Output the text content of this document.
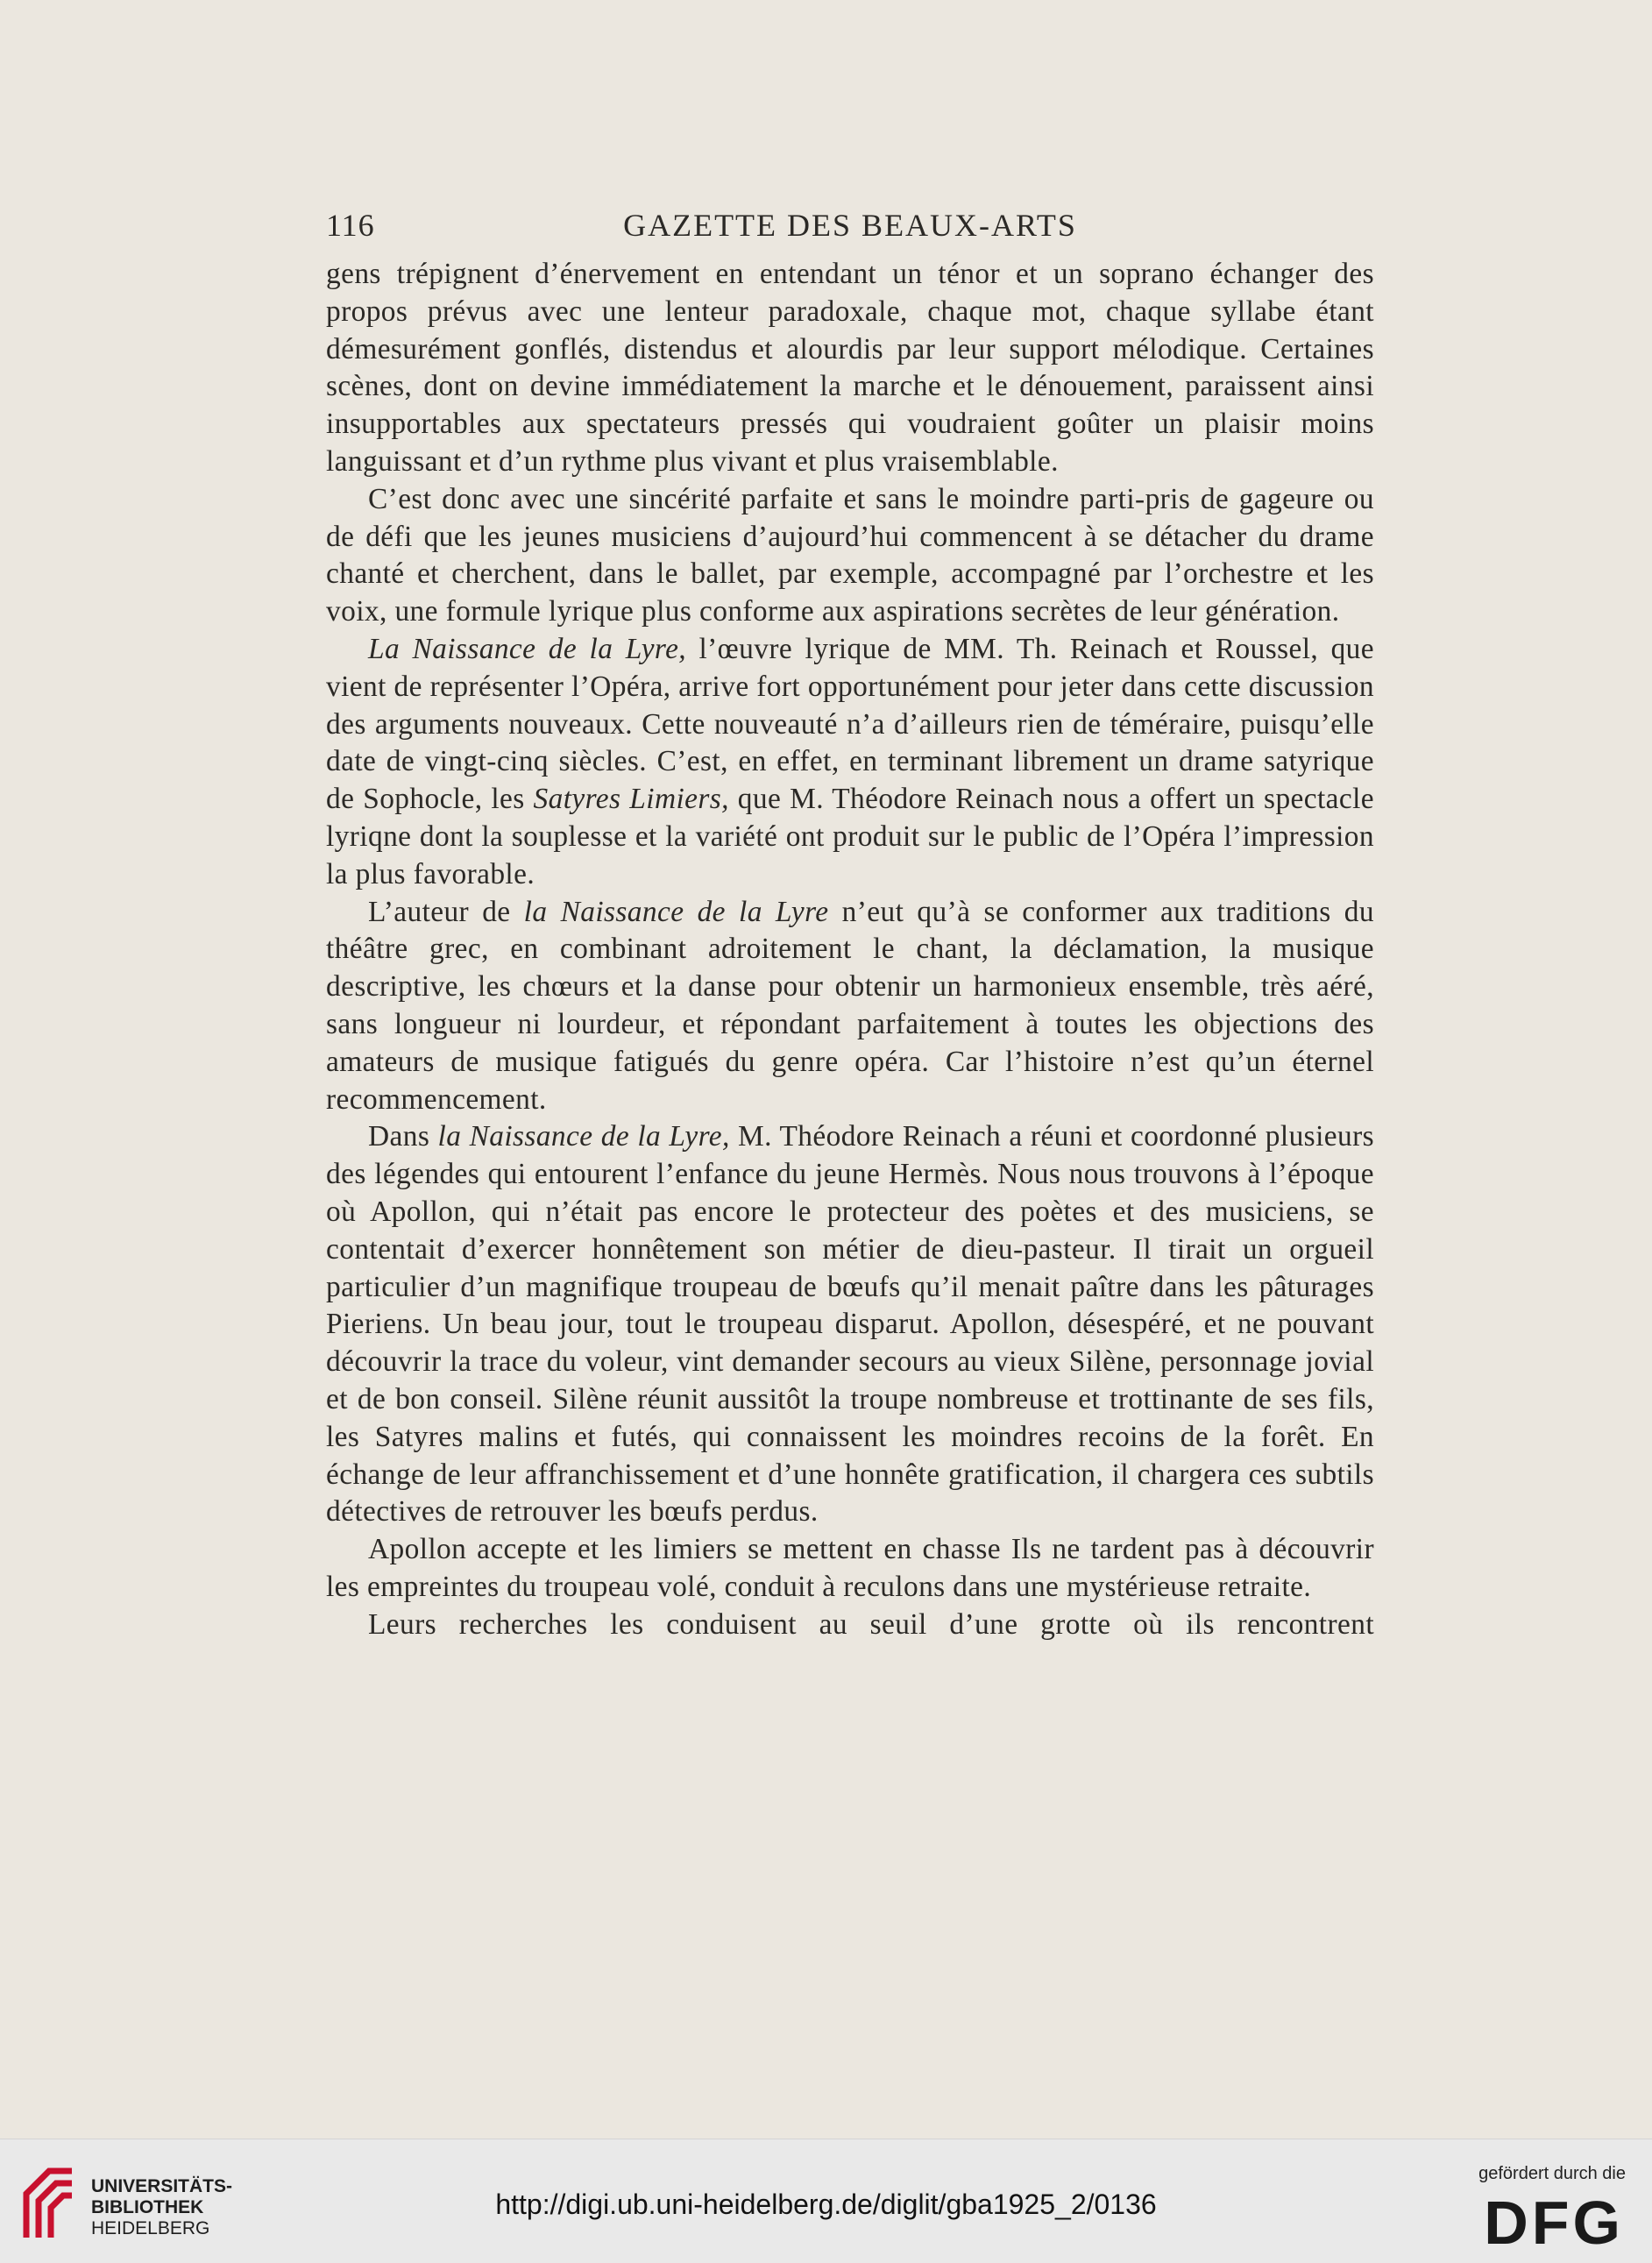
116	GAZETTE DES BEAUX-ARTS

gens trépignent d’énervement en entendant un ténor et un soprano échanger des propos prévus avec une lenteur paradoxale, chaque mot, chaque syllabe étant démesurément gonflés, distendus et alourdis par leur support mélodique. Certaines scènes, dont on devine immédiatement la marche et le dénouement, paraissent ainsi insupportables aux spectateurs pressés qui voudraient goûter un plaisir moins languissant et d’un rythme plus vivant et plus vraisemblable.

C’est donc avec une sincérité parfaite et sans le moindre parti-pris de gageure ou de défi que les jeunes musiciens d’aujourd’hui commencent à se détacher du drame chanté et cherchent, dans le ballet, par exemple, accompagné par l’orchestre et les voix, une formule lyrique plus conforme aux aspirations secrètes de leur génération.

La Naissance de la Lyre, l’œuvre lyrique de MM. Th. Reinach et Roussel, que vient de représenter l’Opéra, arrive fort opportunément pour jeter dans cette discussion des arguments nouveaux. Cette nouveauté n’a d’ailleurs rien de téméraire, puisqu’elle date de vingt-cinq siècles. C’est, en effet, en terminant librement un drame satyrique de Sophocle, les Satyres Limiers, que M. Théodore Reinach nous a offert un spectacle lyriqne dont la souplesse et la variété ont produit sur le public de l’Opéra l’impression la plus favorable.

L’auteur de la Naissance de la Lyre n’eut qu’à se conformer aux traditions du théâtre grec, en combinant adroitement le chant, la déclamation, la musique descriptive, les chœurs et la danse pour obtenir un harmonieux ensemble, très aéré, sans longueur ni lourdeur, et répondant parfaitement à toutes les objections des amateurs de musique fatigués du genre opéra. Car l’histoire n’est qu’un éternel recommencement.

Dans la Naissance de la Lyre, M. Théodore Reinach a réuni et coordonné plusieurs des légendes qui entourent l’enfance du jeune Hermès. Nous nous trouvons à l’époque où Apollon, qui n’était pas encore le protecteur des poètes et des musiciens, se contentait d’exercer honnêtement son métier de dieu-pasteur. Il tirait un orgueil particulier d’un magnifique troupeau de bœufs qu’il menait paître dans les pâturages Pieriens. Un beau jour, tout le troupeau disparut. Apollon, désespéré, et ne pouvant découvrir la trace du voleur, vint demander secours au vieux Silène, personnage jovial et de bon conseil. Silène réunit aussitôt la troupe nombreuse et trottinante de ses fils, les Satyres malins et futés, qui connaissent les moindres recoins de la forêt. En échange de leur affranchissement et d’une honnête gratification, il chargera ces subtils détectives de retrouver les bœufs perdus.

Apollon accepte et les limiers se mettent en chasse Ils ne tardent pas à découvrir les empreintes du troupeau volé, conduit à reculons dans une mystérieuse retraite.

Leurs recherches les conduisent au seuil d’une grotte où ils rencontrent

UNIVERSITÄTS-
BIBLIOTHEK
HEIDELBERG
http://digi.ub.uni-heidelberg.de/diglit/gba1925_2/0136
gefördert durch die
DFG
